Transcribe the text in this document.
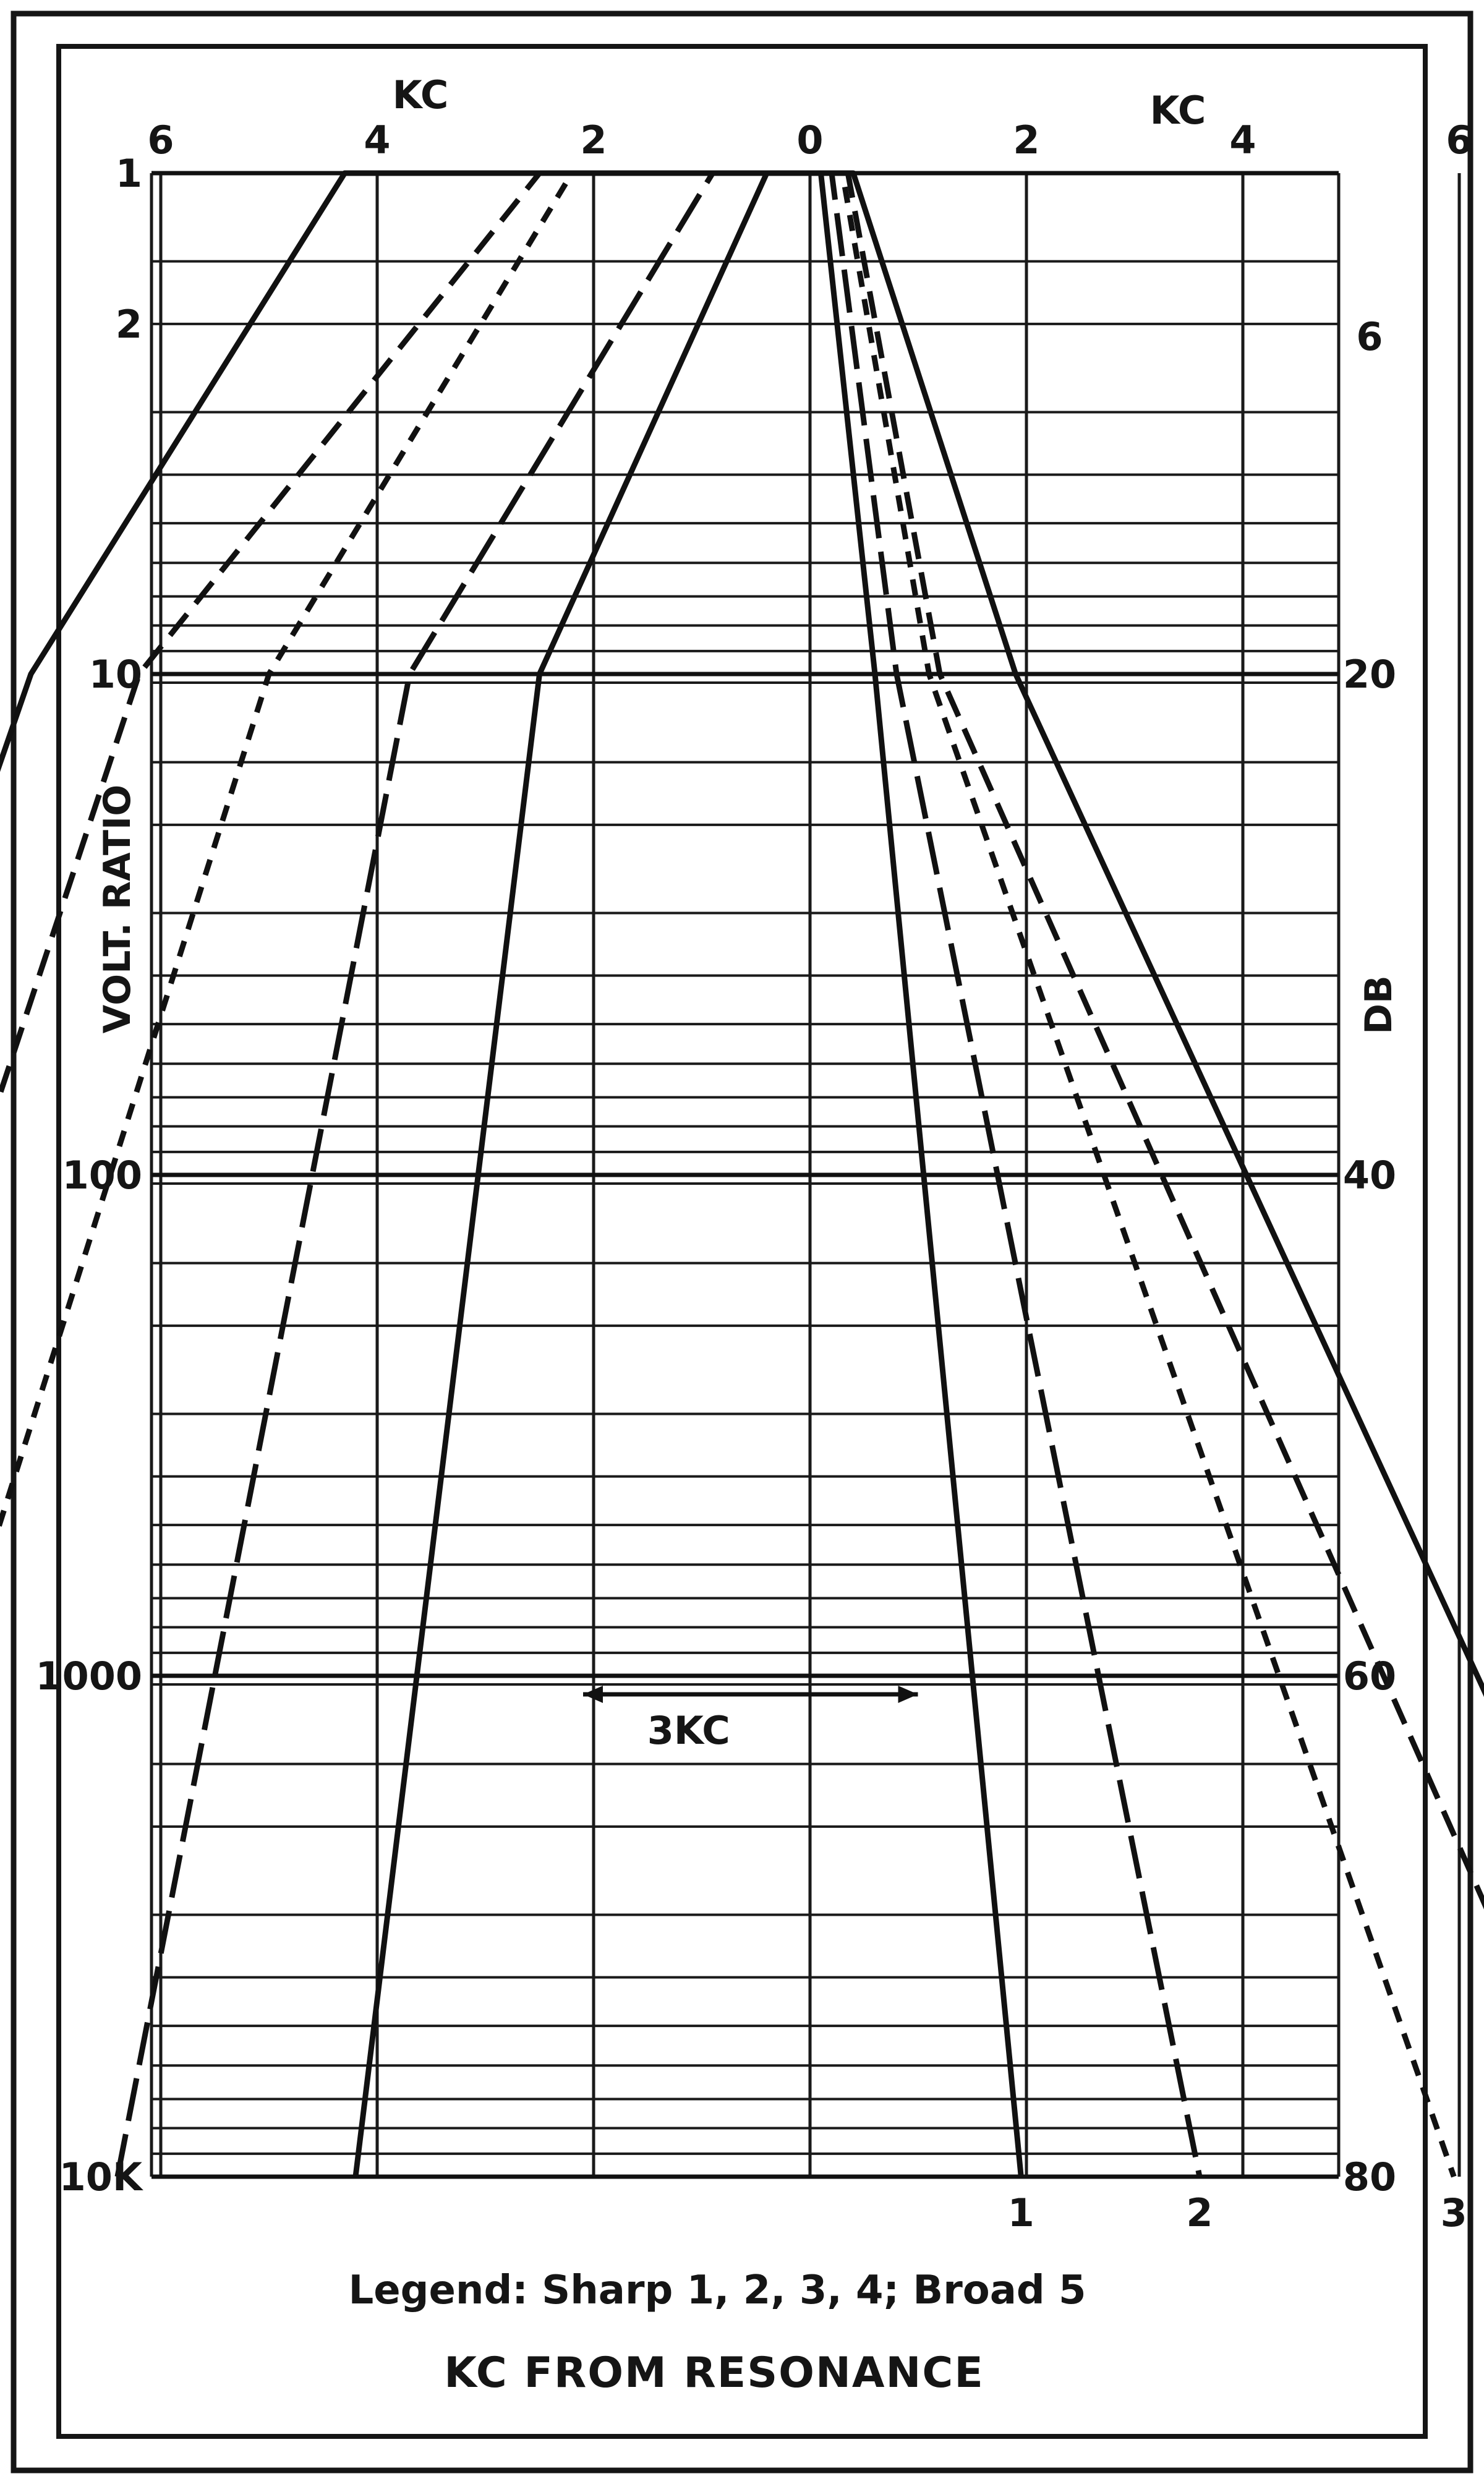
6	4	2	0	2	4	6
1
2
10
100
1000
10K
6
20
40
60
80
1	2	3
3KC
KC	KC
VOLT. RATIO	DB
Legend: Sharp 1, 2, 3, 4; Broad 5
KC FROM RESONANCE
